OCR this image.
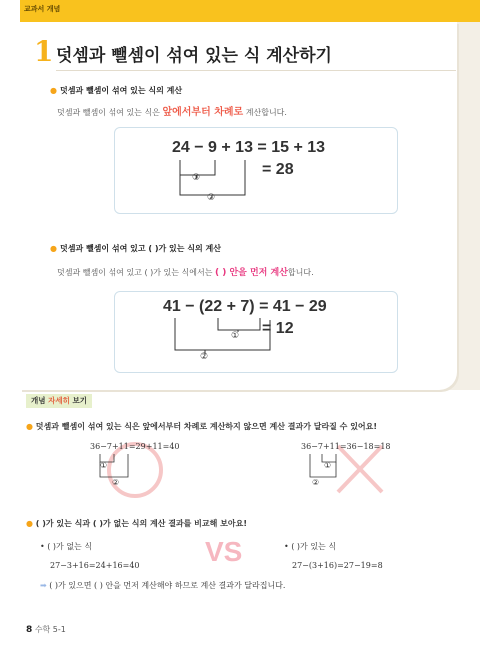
교과서 개념
1 덧셈과 뺄셈이 섞여 있는 식 계산하기
● 덧셈과 뺄셈이 섞여 있는 식의 계산
덧셈과 뺄셈이 섞여 있는 식은 앞에서부터 차례로 계산합니다.
24 − 9 + 13 = 15 + 13
= 28
①
②
● 덧셈과 뺄셈이 섞여 있고 ( )가 있는 식의 계산
덧셈과 뺄셈이 섞여 있고 ( )가 있는 식에서는 ( ) 안을 먼저 계산합니다.
41 − (22 + 7) = 41 − 29
= 12
①
②
개념 자세히 보기
● 덧셈과 뺄셈이 섞여 있는 식은 앞에서부터 차례로 계산하지 않으면 계산 결과가 달라질 수 있어요!
36−7+11=29+11=40
①
②
36−7+11=36−18=18
①
②
● ( )가 있는 식과 ( )가 없는 식의 계산 결과를 비교해 보아요!
• ( )가 없는 식
27−3+16=24+16=40 VS	• ( )가 있는 식
27−(3+16)=27−19=8
➡ ( )가 있으면 ( ) 안을 먼저 계산해야 하므로 계산 결과가 달라집니다.
8 수학 5-1
